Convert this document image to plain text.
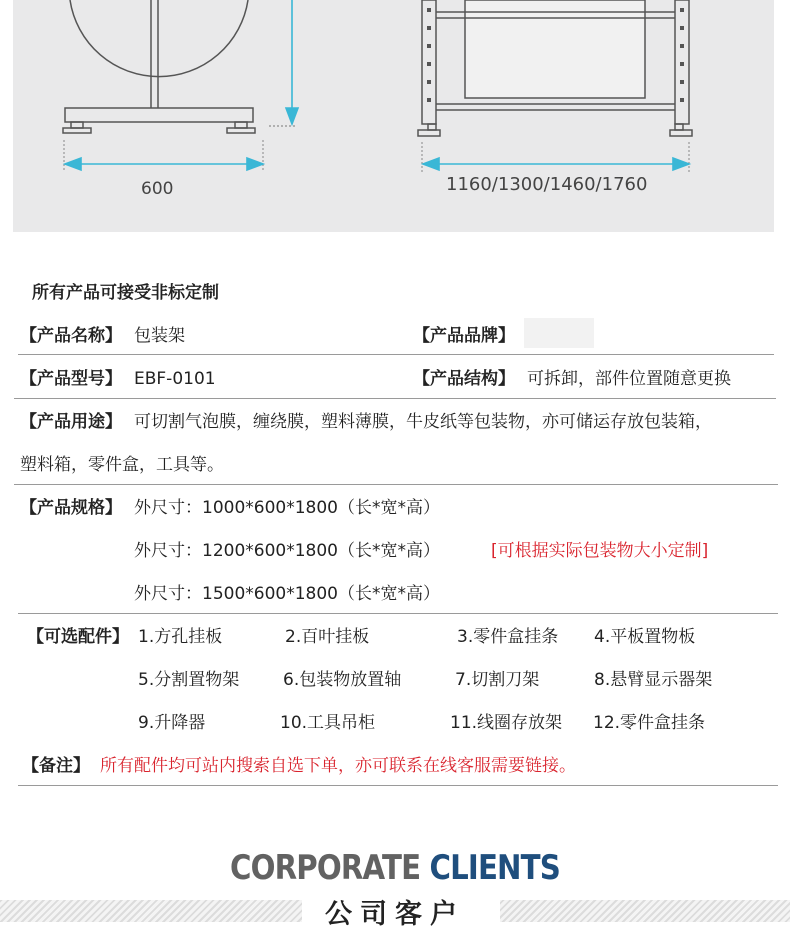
600	1160/1300/1460/1760
所有产品可接受非标定制
【产品名称】 包装架	【产品品牌】
【产品型号】 EBF-0101	【产品结构】 可拆卸，部件位置随意更换
【产品用途】 可切割气泡膜，缠绕膜，塑料薄膜，牛皮纸等包装物，亦可储运存放包装箱，
塑料箱，零件盒，工具等。
【产品规格】 外尺寸：1000*600*1800（长*宽*高）
外尺寸：1200*600*1800（长*宽*高）	[可根据实际包装物大小定制]
外尺寸：1500*600*1800（长*宽*高）
【可选配件】 1.方孔挂板	2.百叶挂板	3.零件盒挂条 4.平板置物板
5.分割置物架	6.包装物放置轴	7.切割刀架	8.悬臂显示器架
9.升降器	10.工具吊柜	11.线圈存放架 12.零件盒挂条
【备注】 所有配件均可站内搜索自选下单，亦可联系在线客服需要链接。
CORPORATE CLIENTS
公司客户
